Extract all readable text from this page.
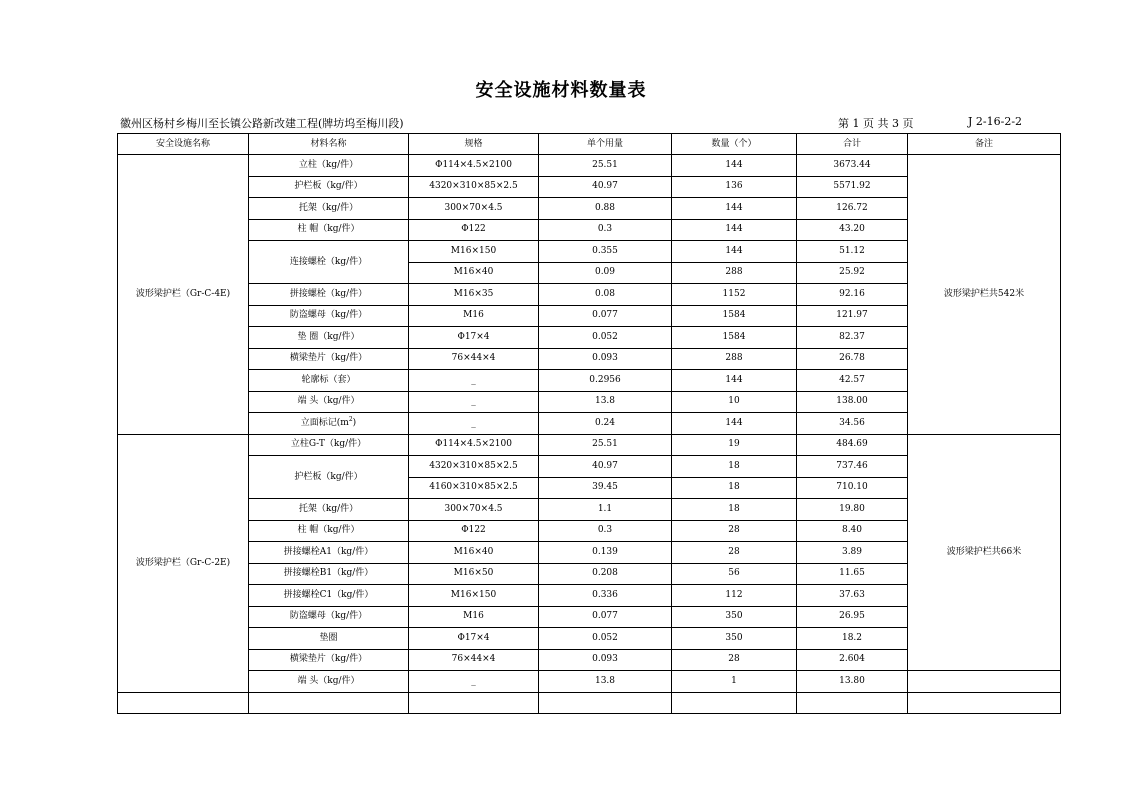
安全设施材料数量表
徽州区杨村乡梅川至长镇公路新改建工程(牌坊坞至梅川段)	第 1 页 共 3 页	J 2-16-2-2
安全设施名称	材料名称	规格	单个用量	数量（个）	合计	备注
波形梁护栏（Gr-C-4E)	立柱（kg/件）	Φ114×4.5×2100	25.51	144	3673.44	波形梁护栏共542米
	护栏板（kg/件）	4320×310×85×2.5	40.97	136	5571.92	
	托架（kg/件）	300×70×4.5	0.88	144	126.72	
	柱 帽（kg/件）	Φ122	0.3	144	43.20	
	连接螺栓（kg/件）	M16×150	0.355	144	51.12	
		M16×40	0.09	288	25.92	
	拼接螺栓（kg/件）	M16×35	0.08	1152	92.16	
	防盗螺母（kg/件）	M16	0.077	1584	121.97	
	垫 圈（kg/件）	Φ17×4	0.052	1584	82.37	
	横梁垫片（kg/件）	76×44×4	0.093	288	26.78	
	轮廓标（套）	_	0.2956	144	42.57	
	端 头（kg/件）	_	13.8	10	138.00	
	立面标记$(m^2)$	_	0.24	144	34.56	
波形梁护栏（Gr-C-2E)	立柱G-T（kg/件）	Φ114×4.5×2100	25.51	19	484.69	波形梁护栏共66米
	护栏板（kg/件）	4320×310×85×2.5	40.97	18	737.46	
		4160×310×85×2.5	39.45	18	710.10	
	托架（kg/件）	300×70×4.5	1.1	18	19.80	
	柱 帽（kg/件）	Φ122	0.3	28	8.40	
	拼接螺栓A1（kg/件）	M16×40	0.139	28	3.89	
	拼接螺栓B1（kg/件）	M16×50	0.208	56	11.65	
	拼接螺栓C1（kg/件）	M16×150	0.336	112	37.63	
	防盗螺母（kg/件）	M16	0.077	350	26.95	
	垫圈	Φ17×4	0.052	350	18.2	
	横梁垫片（kg/件）	76×44×4	0.093	28	2.604	
	端 头（kg/件）	_	13.8	1	13.80	
